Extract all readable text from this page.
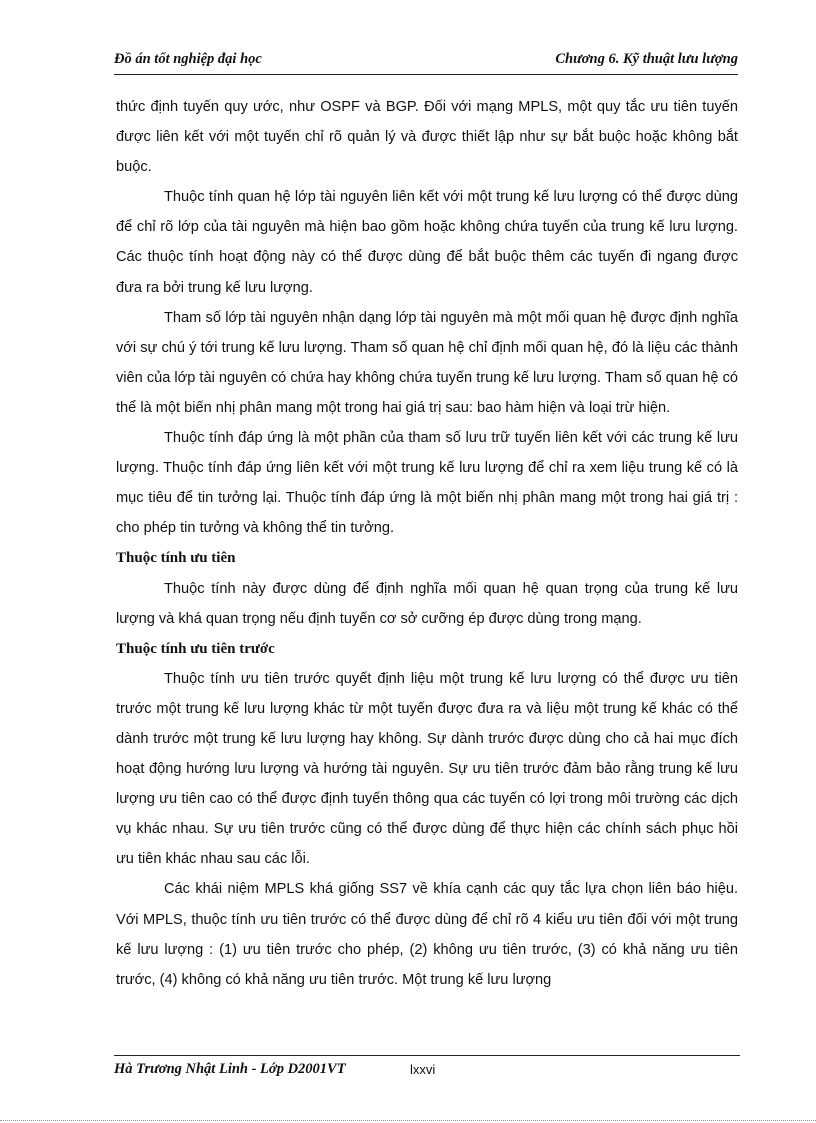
Đồ án tốt nghiệp đại học	Chương 6. Kỹ thuật lưu lượng

thức định tuyến quy ước, như OSPF và BGP. Đối với mạng MPLS, một quy tắc ưu tiên tuyến được liên kết với một tuyến chỉ rõ quản lý và được thiết lập như sự bắt buộc hoặc không bắt buộc.

Thuộc tính quan hệ lớp tài nguyên liên kết với một trung kế lưu lượng có thể được dùng để chỉ rõ lớp của tài nguyên mà hiện bao gồm hoặc không chứa tuyến của trung kế lưu lượng. Các thuộc tính hoạt động này có thể được dùng để bắt buộc thêm các tuyến đi ngang được đưa ra bởi trung kế lưu lượng.

Tham số lớp tài nguyên nhận dạng lớp tài nguyên mà một mối quan hệ được định nghĩa với sự chú ý tới trung kế lưu lượng. Tham số quan hệ chỉ định mối quan hệ, đó là liệu các thành viên của lớp tài nguyên có chứa hay không chứa tuyến trung kế lưu lượng. Tham số quan hệ có thể là một biến nhị phân mang một trong hai giá trị sau: bao hàm hiện và loại trừ hiện.

Thuộc tính đáp ứng là một phần của tham số lưu trữ tuyến liên kết với các trung kế lưu lượng. Thuộc tính đáp ứng liên kết với một trung kế lưu lượng để chỉ ra xem liệu trung kế có là mục tiêu để tin tưởng lại. Thuộc tính đáp ứng là một biến nhị phân mang một trong hai giá trị : cho phép tin tưởng và không thể tin tưởng.

Thuộc tính ưu tiên

Thuộc tính này được dùng để định nghĩa mối quan hệ quan trọng của trung kế lưu lượng và khá quan trọng nếu định tuyến cơ sở cưỡng ép được dùng trong mạng.

Thuộc tính ưu tiên trước

Thuộc tính ưu tiên trước quyết định liệu một trung kế lưu lượng có thể được ưu tiên trước một trung kế lưu lượng khác từ một tuyến được đưa ra và liệu một trung kế khác có thể dành trước một trung kế lưu lượng hay không. Sự dành trước được dùng cho cả hai mục đích hoạt động hướng lưu lượng và hướng tài nguyên. Sự ưu tiên trước đảm bảo rằng trung kế lưu lượng ưu tiên cao có thể được định tuyến thông qua các tuyến có lợi trong môi trường các dịch vụ khác nhau. Sự ưu tiên trước cũng có thể được dùng để thực hiện các chính sách phục hồi ưu tiên khác nhau sau các lỗi.

Các khái niệm MPLS khá giống SS7 về khía cạnh các quy tắc lựa chọn liên báo hiệu. Với MPLS, thuộc tính ưu tiên trước có thể được dùng để chỉ rõ 4 kiểu ưu tiên đối với một trung kế lưu lượng : (1) ưu tiên trước cho phép, (2) không ưu tiên trước, (3) có khả năng ưu tiên trước, (4) không có khả năng ưu tiên trước. Một trung kế lưu lượng

Hà Trương Nhật Linh - Lớp D2001VT	lxxvi
